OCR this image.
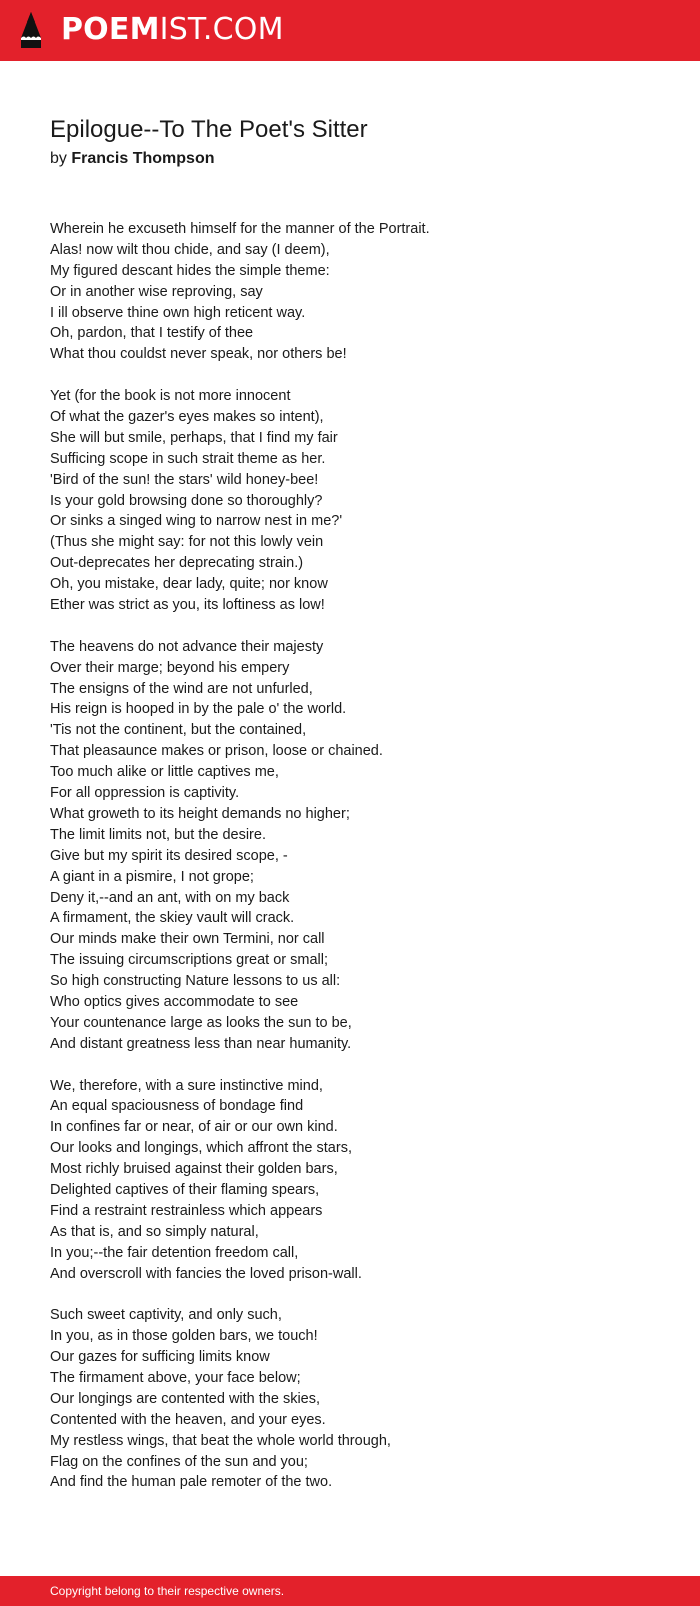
POEMIST.COM
Epilogue--To The Poet's Sitter
by Francis Thompson
Wherein he excuseth himself for the manner of the Portrait.
Alas! now wilt thou chide, and say (I deem),
My figured descant hides the simple theme:
Or in another wise reproving, say
I ill observe thine own high reticent way.
Oh, pardon, that I testify of thee
What thou couldst never speak, nor others be!
Yet (for the book is not more innocent
Of what the gazer's eyes makes so intent),
She will but smile, perhaps, that I find my fair
Sufficing scope in such strait theme as her.
'Bird of the sun! the stars' wild honey-bee!
Is your gold browsing done so thoroughly?
Or sinks a singed wing to narrow nest in me?'
(Thus she might say: for not this lowly vein
Out-deprecates her deprecating strain.)
Oh, you mistake, dear lady, quite; nor know
Ether was strict as you, its loftiness as low!
The heavens do not advance their majesty
Over their marge; beyond his empery
The ensigns of the wind are not unfurled,
His reign is hooped in by the pale o' the world.
'Tis not the continent, but the contained,
That pleasaunce makes or prison, loose or chained.
Too much alike or little captives me,
For all oppression is captivity.
What groweth to its height demands no higher;
The limit limits not, but the desire.
Give but my spirit its desired scope, -
A giant in a pismire, I not grope;
Deny it,--and an ant, with on my back
A firmament, the skiey vault will crack.
Our minds make their own Termini, nor call
The issuing circumscriptions great or small;
So high constructing Nature lessons to us all:
Who optics gives accommodate to see
Your countenance large as looks the sun to be,
And distant greatness less than near humanity.
We, therefore, with a sure instinctive mind,
An equal spaciousness of bondage find
In confines far or near, of air or our own kind.
Our looks and longings, which affront the stars,
Most richly bruised against their golden bars,
Delighted captives of their flaming spears,
Find a restraint restrainless which appears
As that is, and so simply natural,
In you;--the fair detention freedom call,
And overscroll with fancies the loved prison-wall.
Such sweet captivity, and only such,
In you, as in those golden bars, we touch!
Our gazes for sufficing limits know
The firmament above, your face below;
Our longings are contented with the skies,
Contented with the heaven, and your eyes.
My restless wings, that beat the whole world through,
Flag on the confines of the sun and you;
And find the human pale remoter of the two.
Copyright belong to their respective owners.
